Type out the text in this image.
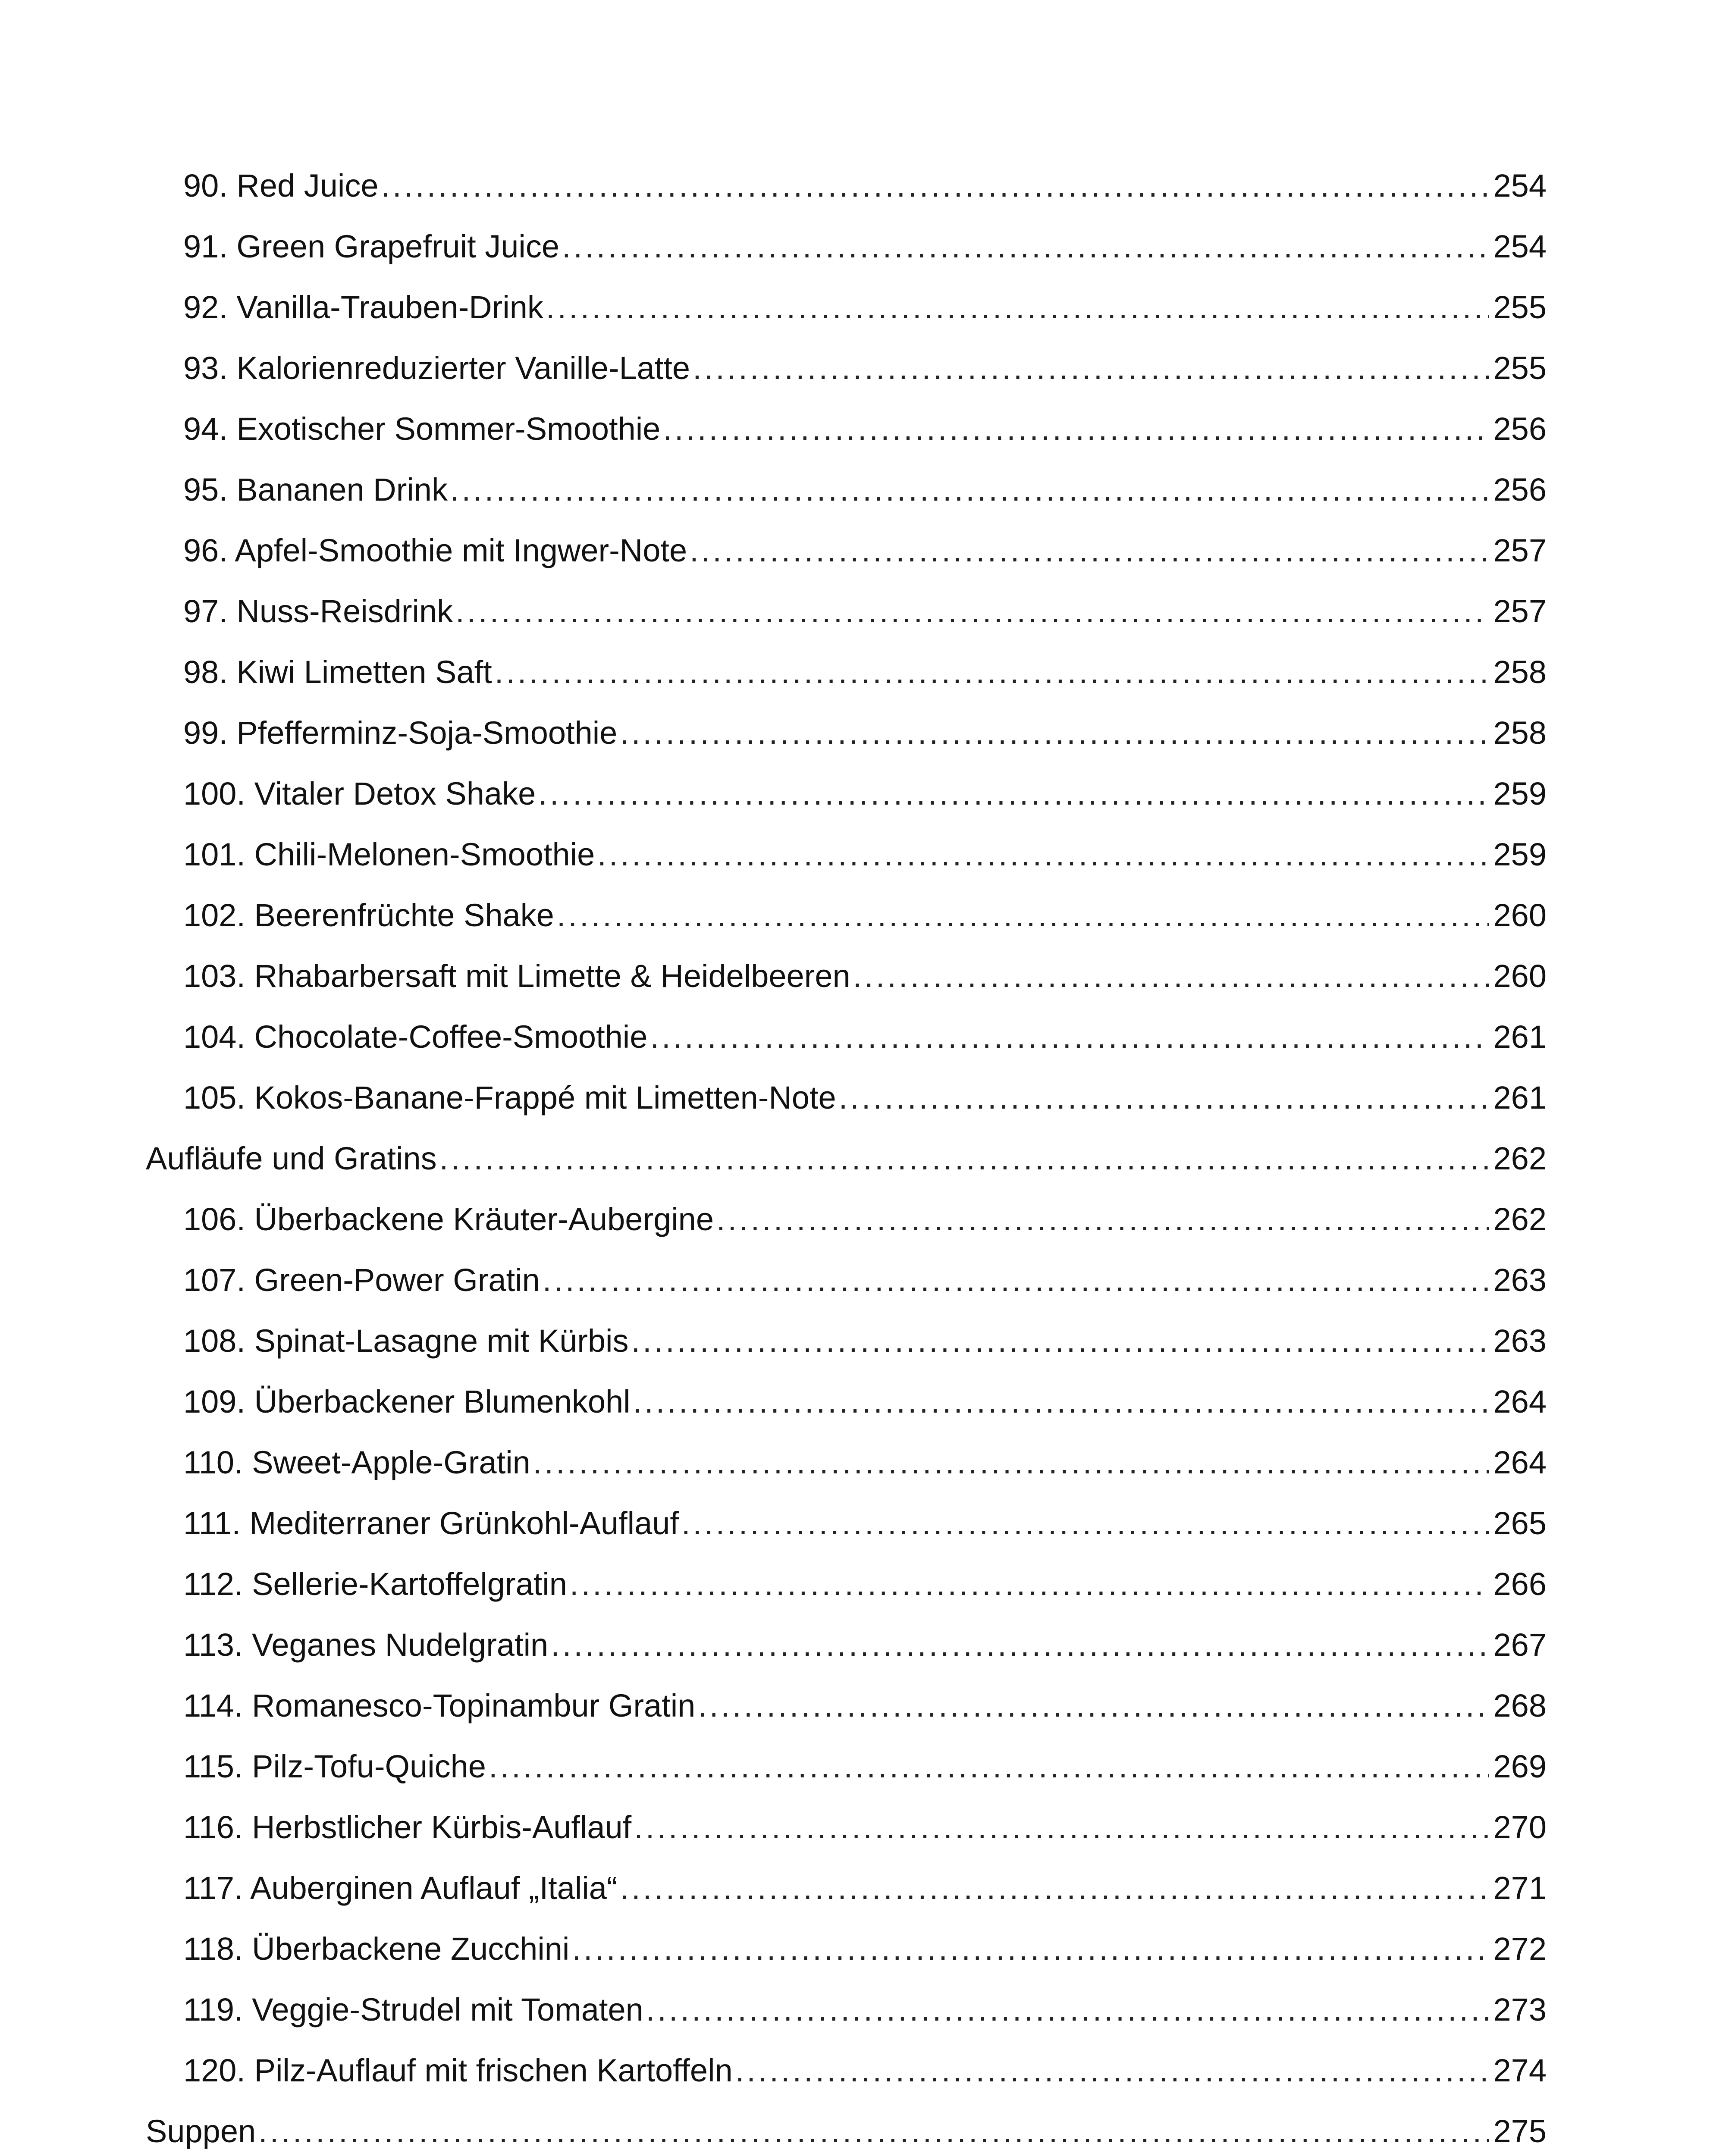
90. Red Juice .....	254
91. Green Grapefruit Juice .....	254
92. Vanilla-Trauben-Drink .....	255
93. Kalorienreduzierter Vanille-Latte .....	255
94. Exotischer Sommer-Smoothie .....	256
95. Bananen Drink .....	256
96. Apfel-Smoothie mit Ingwer-Note .....	257
97. Nuss-Reisdrink .....	257
98. Kiwi Limetten Saft .....	258
99. Pfefferminz-Soja-Smoothie .....	258
100. Vitaler Detox Shake .....	259
101. Chili-Melonen-Smoothie .....	259
102. Beerenfrüchte Shake .....	260
103. Rhabarbersaft mit Limette & Heidelbeeren .....	260
104. Chocolate-Coffee-Smoothie .....	261
105. Kokos-Banane-Frappé mit Limetten-Note .....	261
Aufläufe und Gratins .....	262
106. Überbackene Kräuter-Aubergine .....	262
107. Green-Power Gratin .....	263
108. Spinat-Lasagne mit Kürbis .....	263
109. Überbackener Blumenkohl .....	264
110. Sweet-Apple-Gratin .....	264
111. Mediterraner Grünkohl-Auflauf .....	265
112. Sellerie-Kartoffelgratin .....	266
113. Veganes Nudelgratin .....	267
114. Romanesco-Topinambur Gratin .....	268
115. Pilz-Tofu-Quiche .....	269
116. Herbstlicher Kürbis-Auflauf .....	270
117. Auberginen Auflauf „Italia“ .....	271
118. Überbackene Zucchini .....	272
119. Veggie-Strudel mit Tomaten .....	273
120. Pilz-Auflauf mit frischen Kartoffeln .....	274
Suppen .....	275
